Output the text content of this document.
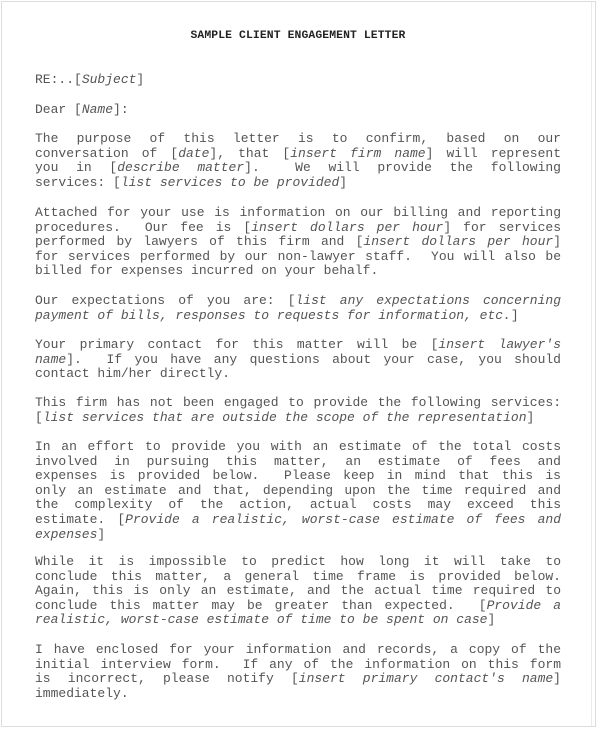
SAMPLE CLIENT ENGAGEMENT LETTER
RE:..[Subject]
Dear [Name]:
The purpose of this letter is to confirm, based on our
conversation of [date], that [insert firm name] will represent
you in [describe matter].  We will provide the following
services: [list services to be provided]
Attached for your use is information on our billing and reporting
procedures.  Our fee is [insert dollars per hour] for services
performed by lawyers of this firm and [insert dollars per hour]
for services performed by our non-lawyer staff.  You will also be
billed for expenses incurred on your behalf.
Our expectations of you are: [list any expectations concerning
payment of bills, responses to requests for information, etc.]
Your primary contact for this matter will be [insert lawyer's
name].  If you have any questions about your case, you should
contact him/her directly.
This firm has not been engaged to provide the following services:
[list services that are outside the scope of the representation]
In an effort to provide you with an estimate of the total costs
involved in pursuing this matter, an estimate of fees and
expenses is provided below.  Please keep in mind that this is
only an estimate and that, depending upon the time required and
the complexity of the action, actual costs may exceed this
estimate. [Provide a realistic, worst-case estimate of fees and
expenses]
While it is impossible to predict how long it will take to
conclude this matter, a general time frame is provided below.
Again, this is only an estimate, and the actual time required to
conclude this matter may be greater than expected.  [Provide a
realistic, worst-case estimate of time to be spent on case]
I have enclosed for your information and records, a copy of the
initial interview form.  If any of the information on this form
is incorrect, please notify [insert primary contact's name]
immediately.
